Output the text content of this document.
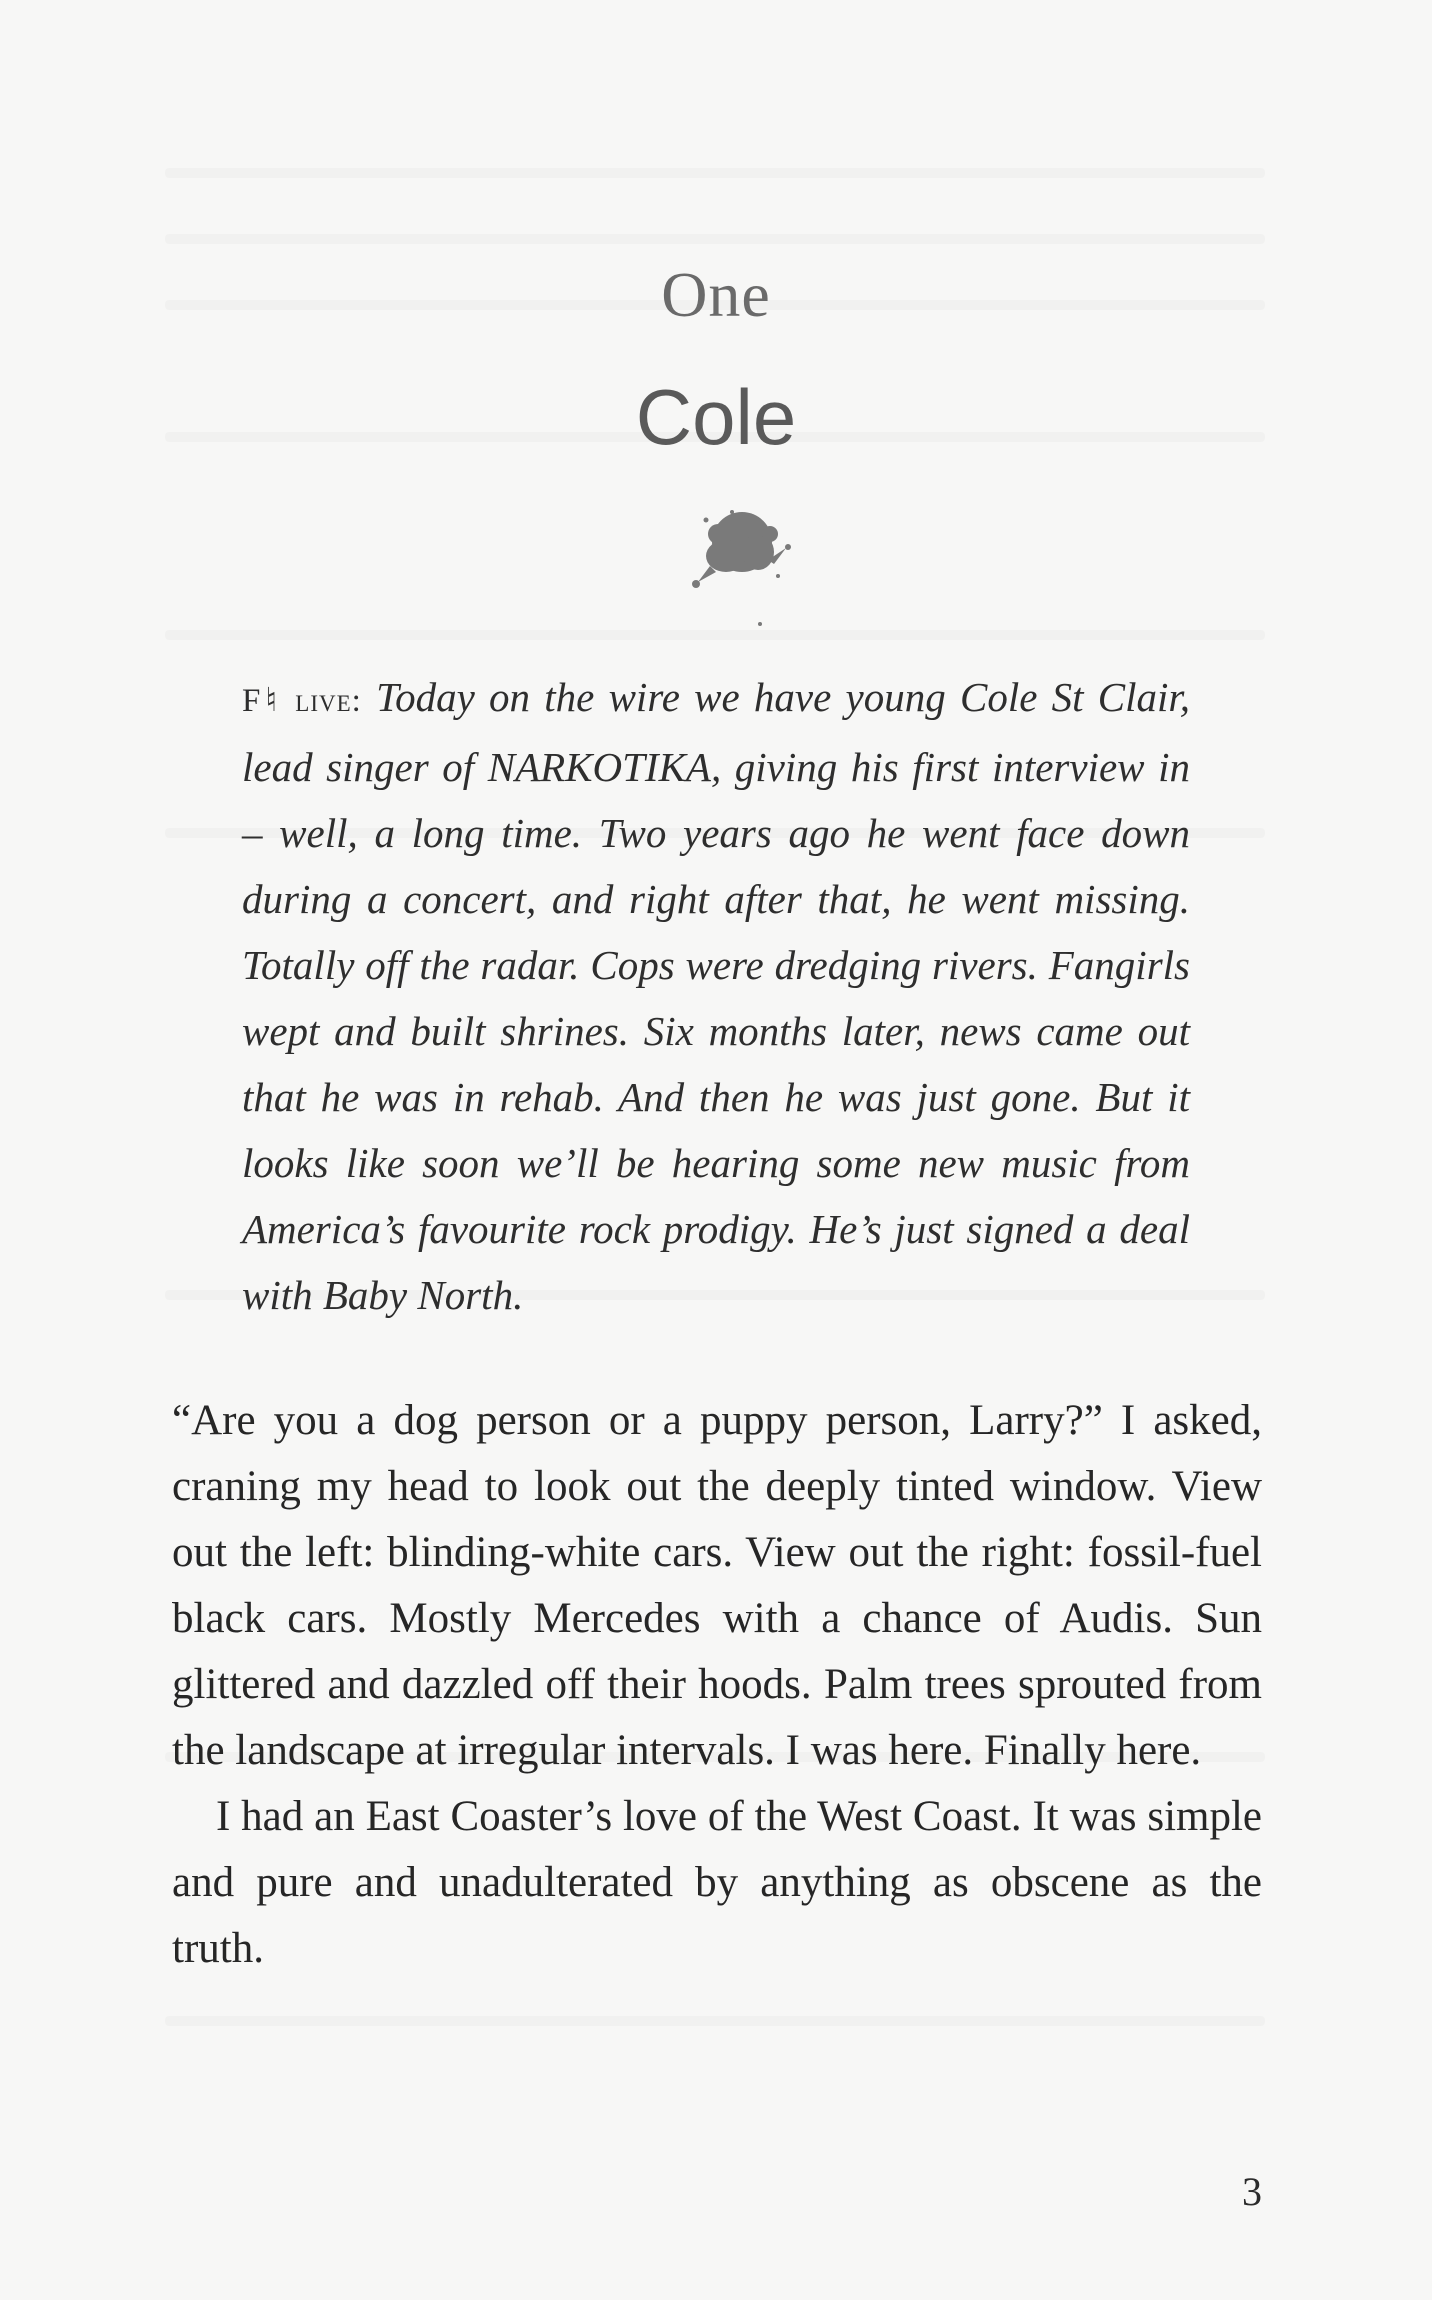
One
Cole
F♮ live: Today on the wire we have young Cole St Clair, lead singer of NARKOTIKA, giving his first interview in – well, a long time. Two years ago he went face down during a concert, and right after that, he went missing. Totally off the radar. Cops were dredging rivers. Fangirls wept and built shrines. Six months later, news came out that he was in rehab. And then he was just gone. But it looks like soon we’ll be hearing some new music from America’s favourite rock prodigy. He’s just signed a deal with Baby North.

“Are you a dog person or a puppy person, Larry?” I asked, craning my head to look out the deeply tinted window. View out the left: blinding-white cars. View out the right: fossil-fuel black cars. Mostly Mercedes with a chance of Audis. Sun glittered and dazzled off their hoods. Palm trees sprouted from the landscape at irregular intervals. I was here. Finally here.

I had an East Coaster’s love of the West Coast. It was simple and pure and unadulterated by anything as obscene as the truth.

3
